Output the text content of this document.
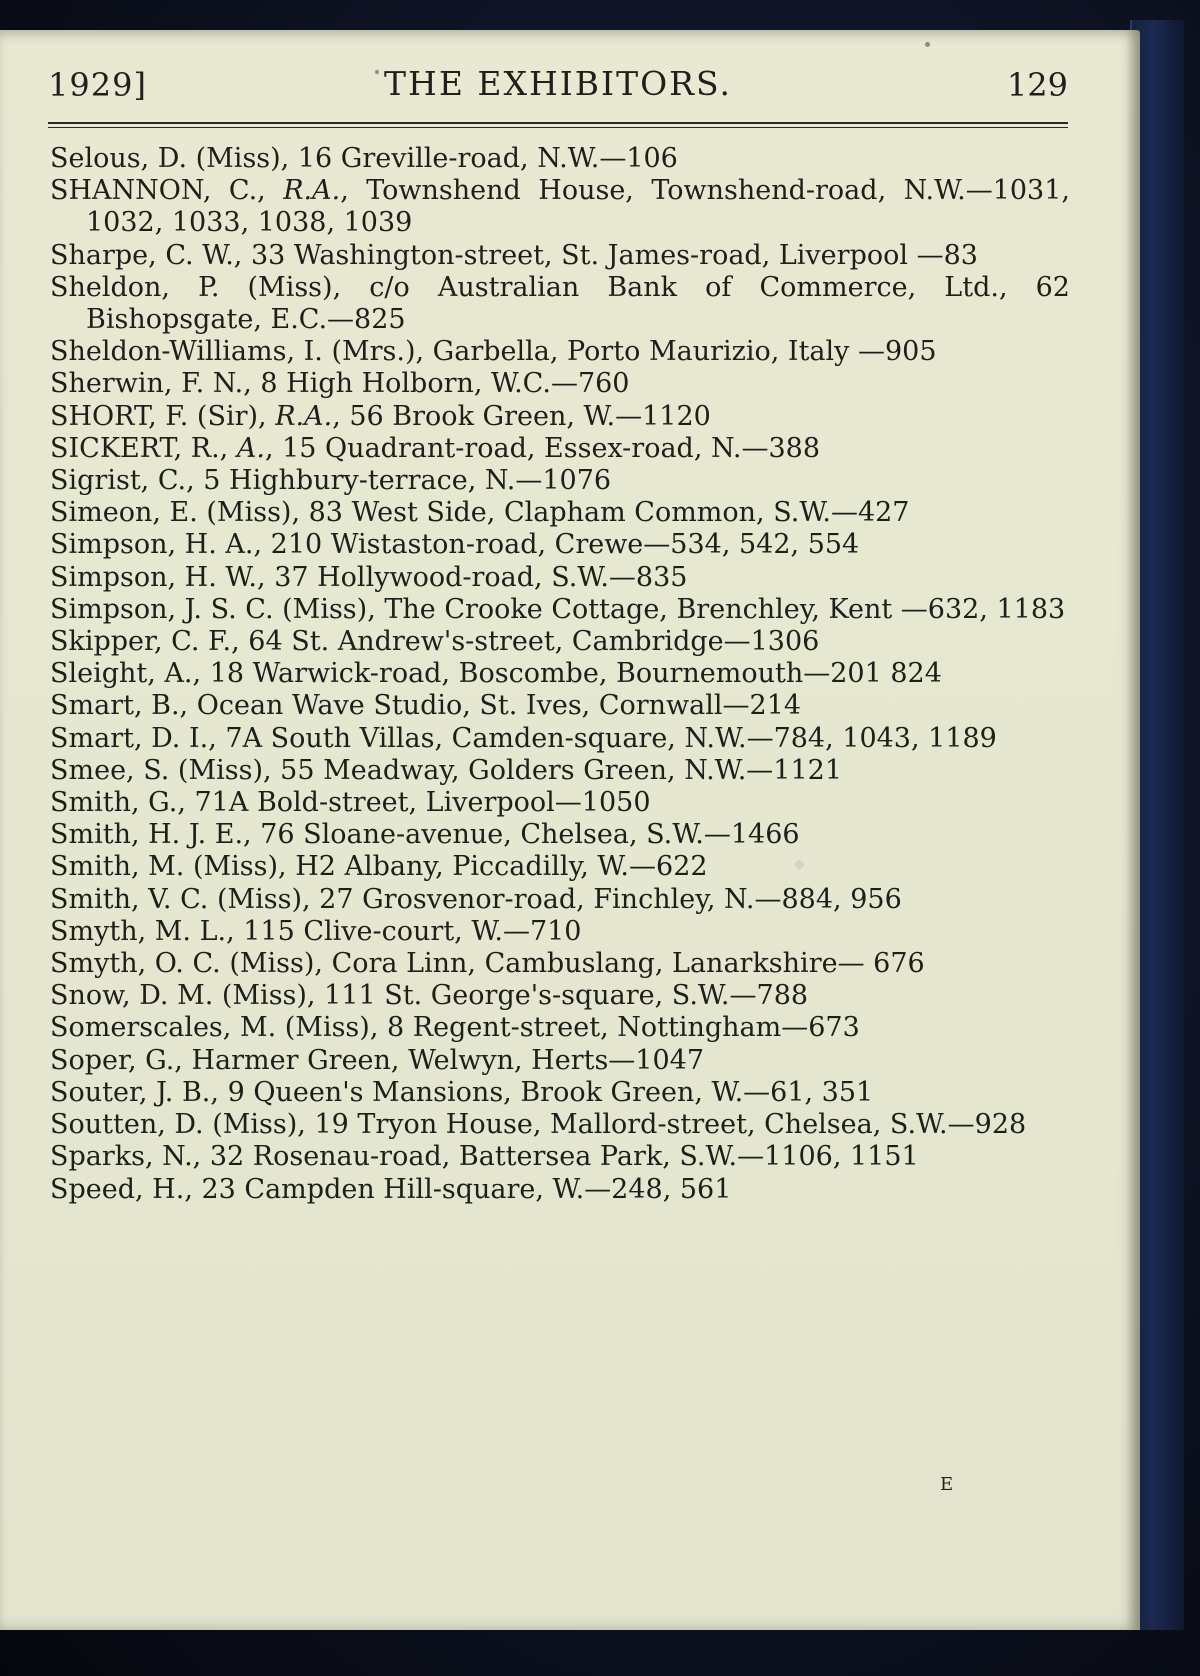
1929]	THE EXHIBITORS.	129

Selous, D. (Miss), 16 Greville-road, N.W.—106

SHANNON, C., R.A., Townshend House, Townshend-road, N.W.—1031, 1032, 1033, 1038, 1039

Sharpe, C. W., 33 Washington-street, St. James-road, Liverpool —83

Sheldon, P. (Miss), c/o Australian Bank of Commerce, Ltd., 62 Bishopsgate, E.C.—825

Sheldon-Williams, I. (Mrs.), Garbella, Porto Maurizio, Italy —905

Sherwin, F. N., 8 High Holborn, W.C.—760

SHORT, F. (Sir), R.A., 56 Brook Green, W.—1120

SICKERT, R., A., 15 Quadrant-road, Essex-road, N.—388

Sigrist, C., 5 Highbury-terrace, N.—1076

Simeon, E. (Miss), 83 West Side, Clapham Common, S.W.—427

Simpson, H. A., 210 Wistaston-road, Crewe—534, 542, 554

Simpson, H. W., 37 Hollywood-road, S.W.—835

Simpson, J. S. C. (Miss), The Crooke Cottage, Brenchley, Kent —632, 1183

Skipper, C. F., 64 St. Andrew's-street, Cambridge—1306

Sleight, A., 18 Warwick-road, Boscombe, Bournemouth—201 824

Smart, B., Ocean Wave Studio, St. Ives, Cornwall—214

Smart, D. I., 7A South Villas, Camden-square, N.W.—784, 1043, 1189

Smee, S. (Miss), 55 Meadway, Golders Green, N.W.—1121

Smith, G., 71A Bold-street, Liverpool—1050

Smith, H. J. E., 76 Sloane-avenue, Chelsea, S.W.—1466

Smith, M. (Miss), H2 Albany, Piccadilly, W.—622

Smith, V. C. (Miss), 27 Grosvenor-road, Finchley, N.—884, 956

Smyth, M. L., 115 Clive-court, W.—710

Smyth, O. C. (Miss), Cora Linn, Cambuslang, Lanarkshire— 676

Snow, D. M. (Miss), 111 St. George's-square, S.W.—788

Somerscales, M. (Miss), 8 Regent-street, Nottingham—673

Soper, G., Harmer Green, Welwyn, Herts—1047

Souter, J. B., 9 Queen's Mansions, Brook Green, W.—61, 351

Soutten, D. (Miss), 19 Tryon House, Mallord-street, Chelsea, S.W.—928

Sparks, N., 32 Rosenau-road, Battersea Park, S.W.—1106, 1151

Speed, H., 23 Campden Hill-square, W.—248, 561

E
